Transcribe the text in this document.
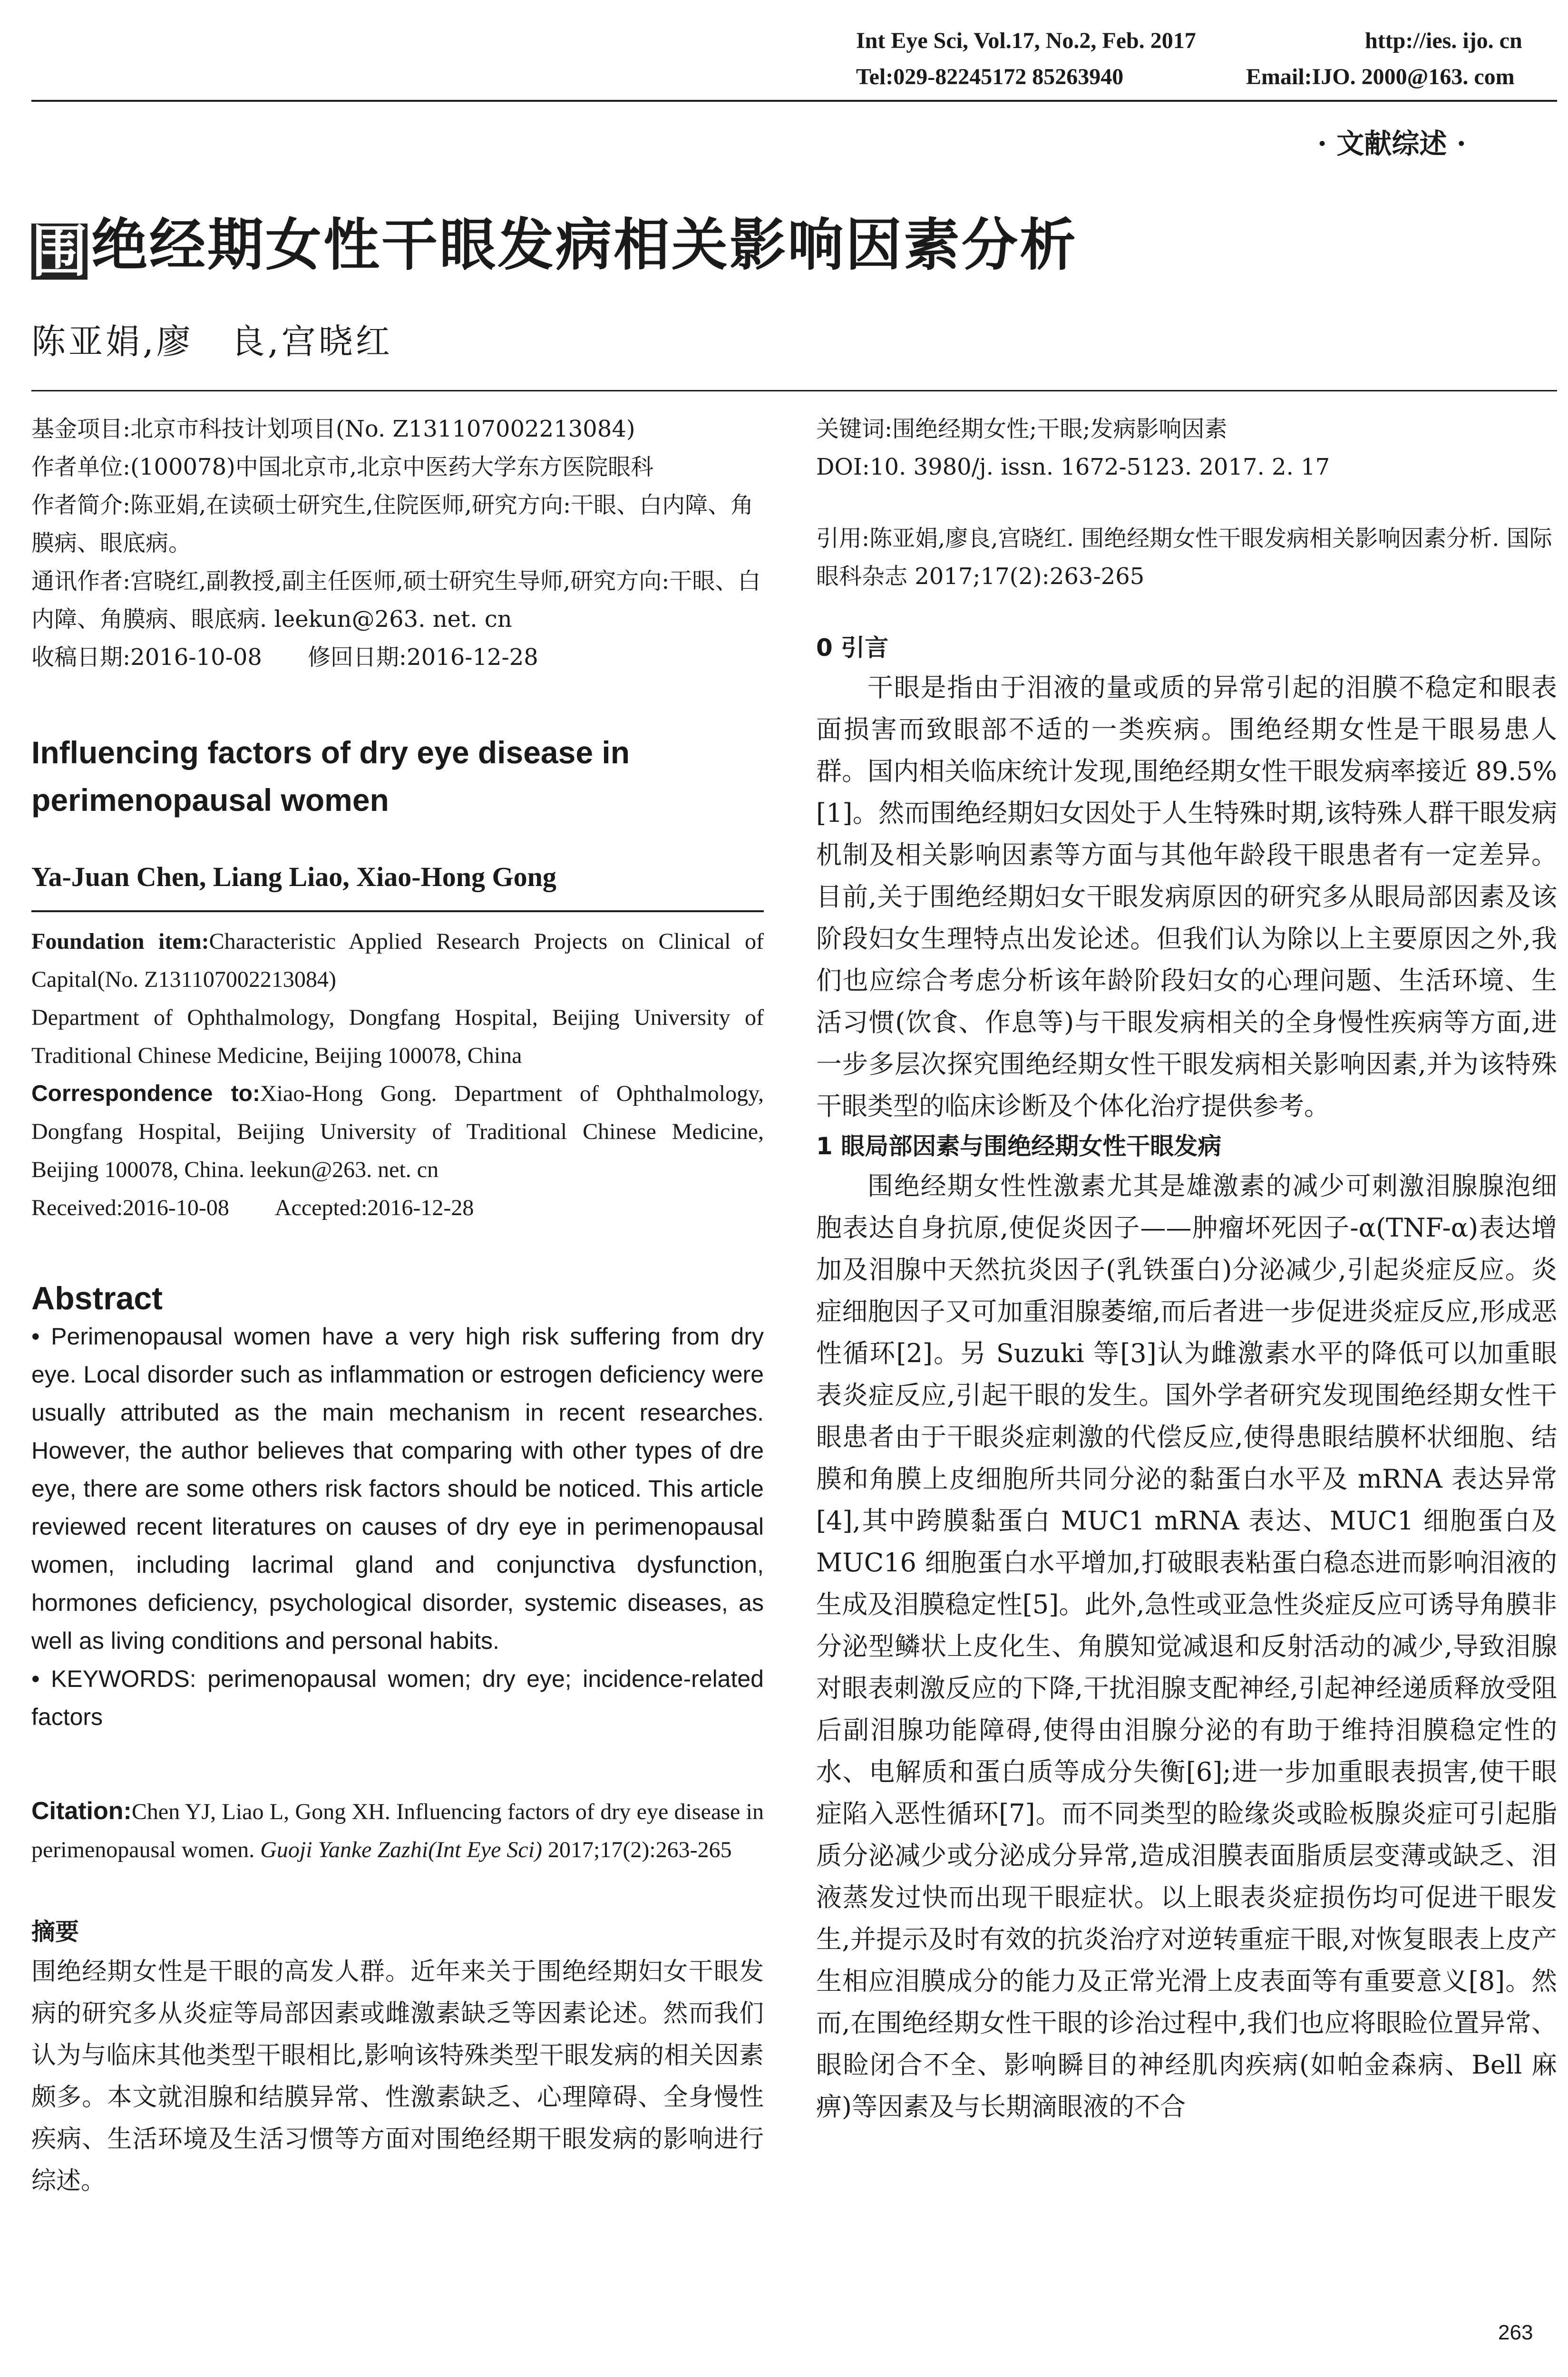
Int Eye Sci, Vol.17, No.2, Feb. 2017	http://ies. ijo. cn
Tel:029-82245172 85263940	Email:IJO. 2000@163. com
· 文献综述 ·
围绝经期女性干眼发病相关影响因素分析
陈亚娟,廖　良,宫晓红

基金项目:北京市科技计划项目(No. Z131107002213084)

作者单位:(100078)中国北京市,北京中医药大学东方医院眼科

作者简介:陈亚娟,在读硕士研究生,住院医师,研究方向:干眼、白内障、角膜病、眼底病。

通讯作者:宫晓红,副教授,副主任医师,硕士研究生导师,研究方向:干眼、白内障、角膜病、眼底病. leekun@263. net. cn

收稿日期:2016-10-08　　修回日期:2016-12-28

Influencing factors of dry eye disease in perimenopausal women
Ya-Juan Chen, Liang Liao, Xiao-Hong Gong
Foundation item:Characteristic Applied Research Projects on Clinical of Capital(No. Z131107002213084)
Department of Ophthalmology, Dongfang Hospital, Beijing University of Traditional Chinese Medicine, Beijing 100078, China
Correspondence to:Xiao-Hong Gong. Department of Ophthalmology, Dongfang Hospital, Beijing University of Traditional Chinese Medicine, Beijing 100078, China. leekun@263. net. cn
Received:2016-10-08　　Accepted:2016-12-28
Abstract
• Perimenopausal women have a very high risk suffering from dry eye. Local disorder such as inflammation or estrogen deficiency were usually attributed as the main mechanism in recent researches. However, the author believes that comparing with other types of dre eye, there are some others risk factors should be noticed. This article reviewed recent literatures on causes of dry eye in perimenopausal women, including lacrimal gland and conjunctiva dysfunction, hormones deficiency, psychological disorder, systemic diseases, as well as living conditions and personal habits.
• KEYWORDS: perimenopausal women; dry eye; incidence-related factors
Citation:Chen YJ, Liao L, Gong XH. Influencing factors of dry eye disease in perimenopausal women. Guoji Yanke Zazhi(Int Eye Sci) 2017;17(2):263-265
摘要
围绝经期女性是干眼的高发人群。近年来关于围绝经期妇女干眼发病的研究多从炎症等局部因素或雌激素缺乏等因素论述。然而我们认为与临床其他类型干眼相比,影响该特殊类型干眼发病的相关因素颇多。本文就泪腺和结膜异常、性激素缺乏、心理障碍、全身慢性疾病、生活环境及生活习惯等方面对围绝经期干眼发病的影响进行综述。

关键词:围绝经期女性;干眼;发病影响因素

DOI:10. 3980/j. issn. 1672-5123. 2017. 2. 17

引用:陈亚娟,廖良,宫晓红. 围绝经期女性干眼发病相关影响因素分析. 国际眼科杂志 2017;17(2):263-265

0 引言
干眼是指由于泪液的量或质的异常引起的泪膜不稳定和眼表面损害而致眼部不适的一类疾病。围绝经期女性是干眼易患人群。国内相关临床统计发现,围绝经期女性干眼发病率接近 89.5%[1]。然而围绝经期妇女因处于人生特殊时期,该特殊人群干眼发病机制及相关影响因素等方面与其他年龄段干眼患者有一定差异。目前,关于围绝经期妇女干眼发病原因的研究多从眼局部因素及该阶段妇女生理特点出发论述。但我们认为除以上主要原因之外,我们也应综合考虑分析该年龄阶段妇女的心理问题、生活环境、生活习惯(饮食、作息等)与干眼发病相关的全身慢性疾病等方面,进一步多层次探究围绝经期女性干眼发病相关影响因素,并为该特殊干眼类型的临床诊断及个体化治疗提供参考。
1 眼局部因素与围绝经期女性干眼发病
围绝经期女性性激素尤其是雄激素的减少可刺激泪腺腺泡细胞表达自身抗原,使促炎因子——肿瘤坏死因子-α(TNF-α)表达增加及泪腺中天然抗炎因子(乳铁蛋白)分泌减少,引起炎症反应。炎症细胞因子又可加重泪腺萎缩,而后者进一步促进炎症反应,形成恶性循环[2]。另 Suzuki 等[3]认为雌激素水平的降低可以加重眼表炎症反应,引起干眼的发生。国外学者研究发现围绝经期女性干眼患者由于干眼炎症刺激的代偿反应,使得患眼结膜杯状细胞、结膜和角膜上皮细胞所共同分泌的黏蛋白水平及 mRNA 表达异常[4],其中跨膜黏蛋白 MUC1 mRNA 表达、MUC1 细胞蛋白及 MUC16 细胞蛋白水平增加,打破眼表粘蛋白稳态进而影响泪液的生成及泪膜稳定性[5]。此外,急性或亚急性炎症反应可诱导角膜非分泌型鳞状上皮化生、角膜知觉减退和反射活动的减少,导致泪腺对眼表刺激反应的下降,干扰泪腺支配神经,引起神经递质释放受阻后副泪腺功能障碍,使得由泪腺分泌的有助于维持泪膜稳定性的水、电解质和蛋白质等成分失衡[6];进一步加重眼表损害,使干眼症陷入恶性循环[7]。而不同类型的睑缘炎或睑板腺炎症可引起脂质分泌减少或分泌成分异常,造成泪膜表面脂质层变薄或缺乏、泪液蒸发过快而出现干眼症状。以上眼表炎症损伤均可促进干眼发生,并提示及时有效的抗炎治疗对逆转重症干眼,对恢复眼表上皮产生相应泪膜成分的能力及正常光滑上皮表面等有重要意义[8]。然而,在围绝经期女性干眼的诊治过程中,我们也应将眼睑位置异常、眼睑闭合不全、影响瞬目的神经肌肉疾病(如帕金森病、Bell 麻痹)等因素及与长期滴眼液的不合
263
